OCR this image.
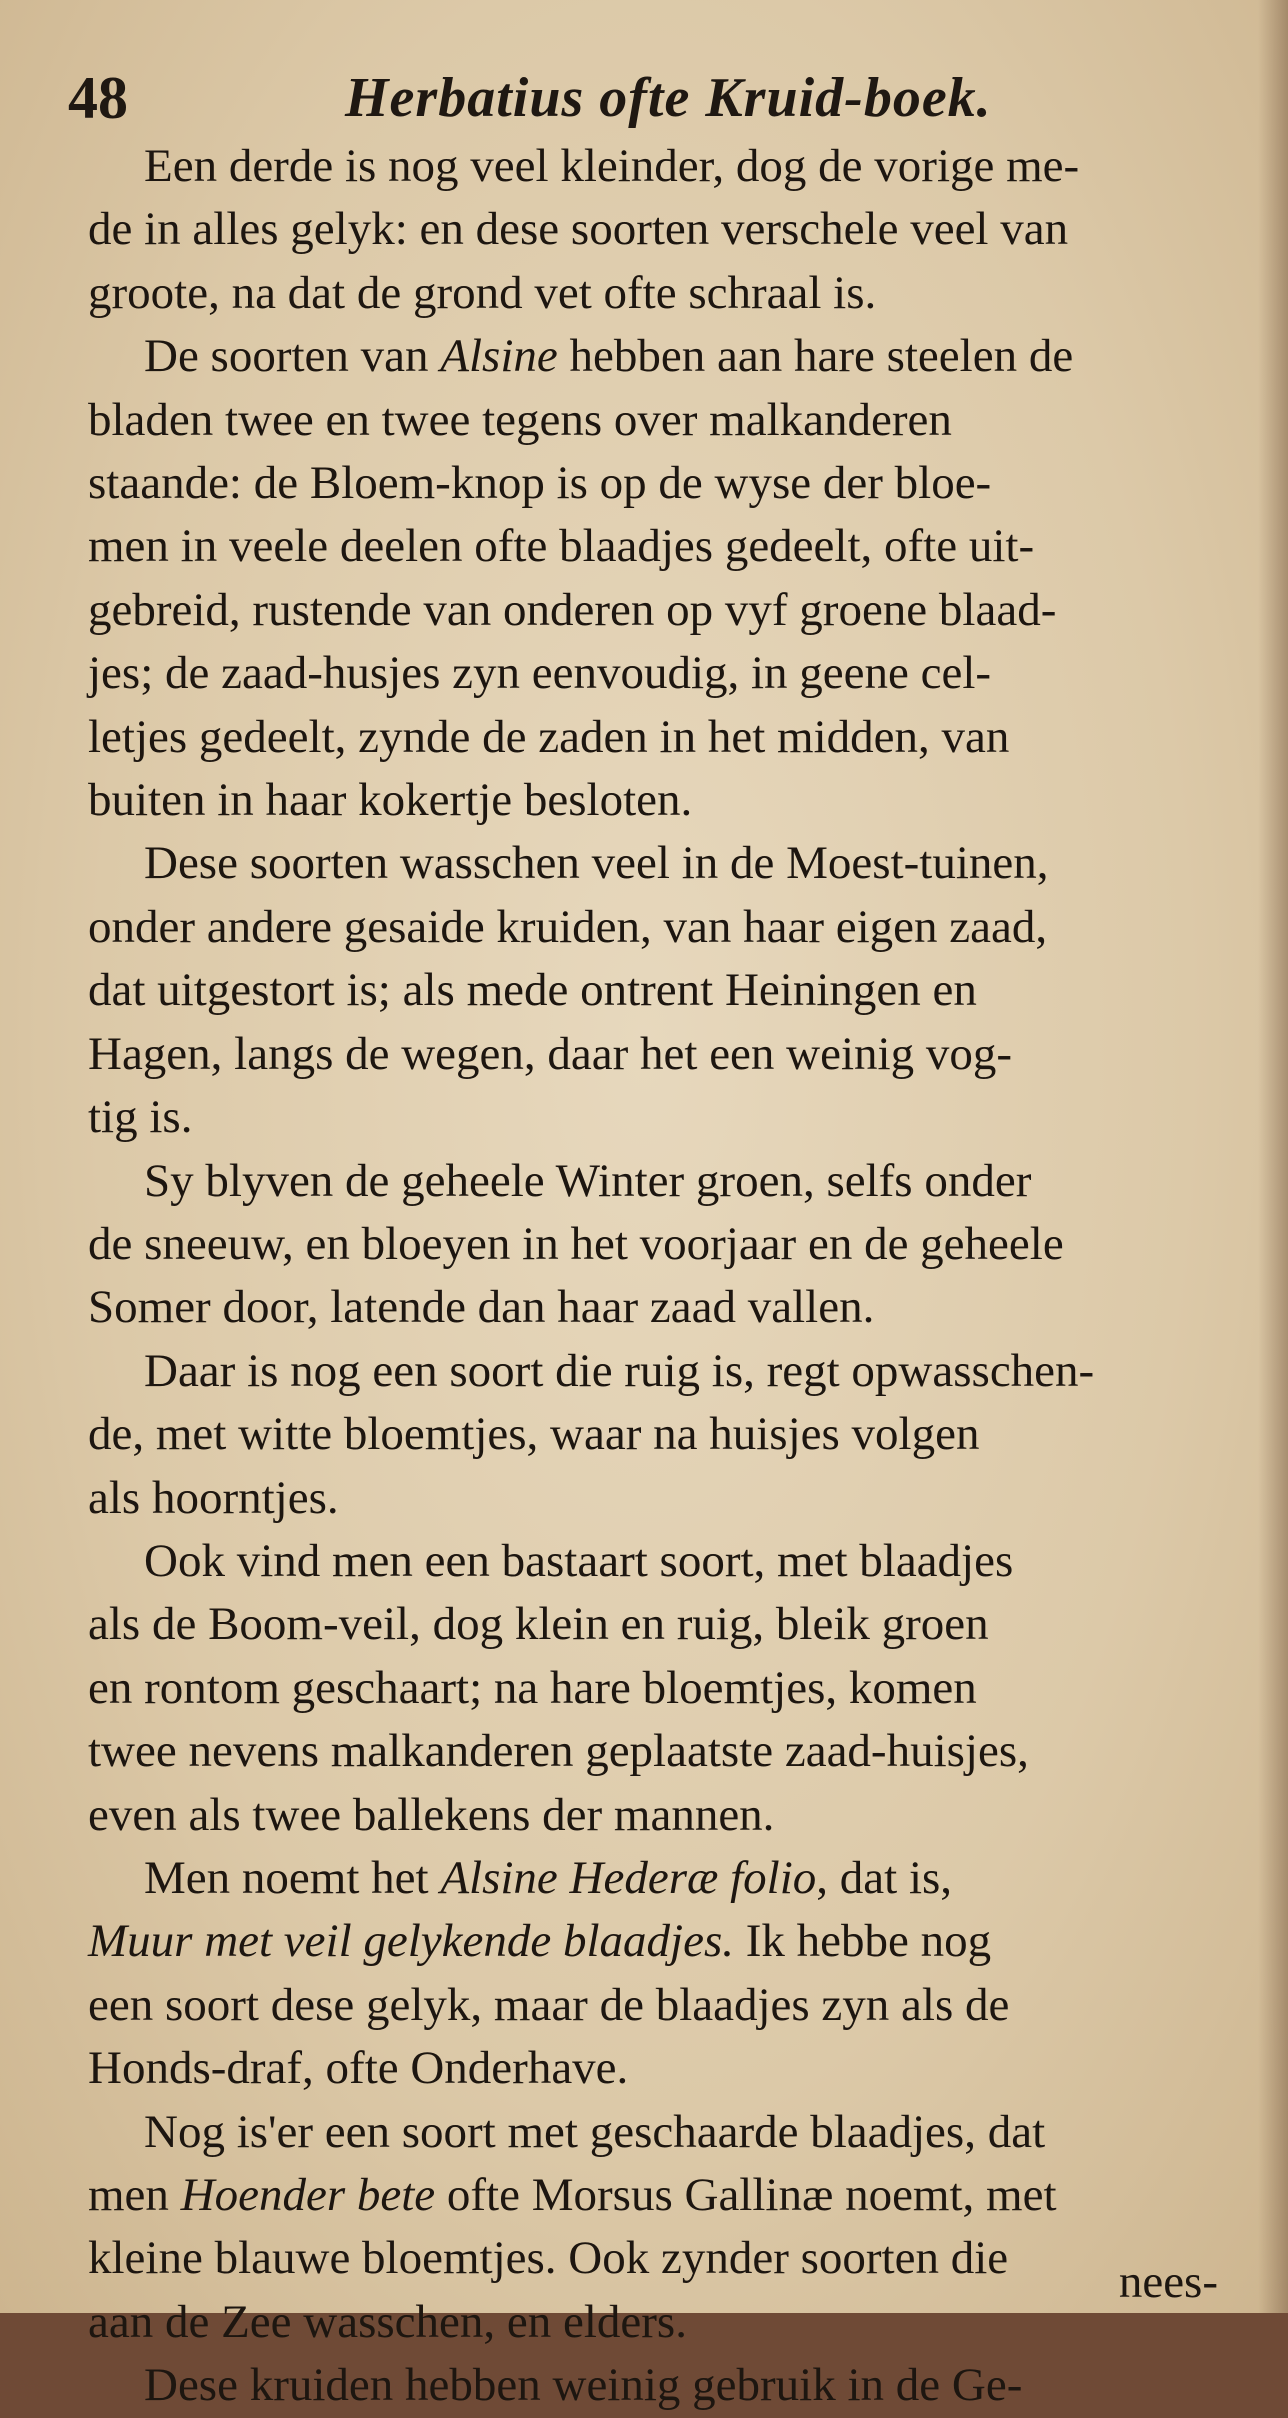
48	Herbatius ofte Kruid-boek.

Een derde is nog veel kleinder, dog de vorige me-
de in alles gelyk: en dese soorten verschele veel van
groote, na dat de grond vet ofte schraal is.

De soorten van Alsine hebben aan hare steelen de
bladen twee en twee tegens over malkanderen
staande: de Bloem-knop is op de wyse der bloe-
men in veele deelen ofte blaadjes gedeelt, ofte uit-
gebreid, rustende van onderen op vyf groene blaad-
jes; de zaad-husjes zyn eenvoudig, in geene cel-
letjes gedeelt, zynde de zaden in het midden, van
buiten in haar kokertje besloten.

Dese soorten wasschen veel in de Moest-tuinen,
onder andere gesaide kruiden, van haar eigen zaad,
dat uitgestort is; als mede ontrent Heiningen en
Hagen, langs de wegen, daar het een weinig vog-
tig is.

Sy blyven de geheele Winter groen, selfs onder
de sneeuw, en bloeyen in het voorjaar en de geheele
Somer door, latende dan haar zaad vallen.

Daar is nog een soort die ruig is, regt opwasschen-
de, met witte bloemtjes, waar na huisjes volgen
als hoorntjes.

Ook vind men een bastaart soort, met blaadjes
als de Boom-veil, dog klein en ruig, bleik groen
en rontom geschaart; na hare bloemtjes, komen
twee nevens malkanderen geplaatste zaad-huisjes,
even als twee ballekens der mannen.

Men noemt het Alsine Hederæ folio, dat is,
Muur met veil gelykende blaadjes. Ik hebbe nog
een soort dese gelyk, maar de blaadjes zyn als de
Honds-draf, ofte Onderhave.

Nog is'er een soort met geschaarde blaadjes, dat
men Hoender bete ofte Morsus Gallinæ noemt, met
kleine blauwe bloemtjes. Ook zynder soorten die
aan de Zee wasschen, en elders.

Dese kruiden hebben weinig gebruik in de Ge-

nees-
